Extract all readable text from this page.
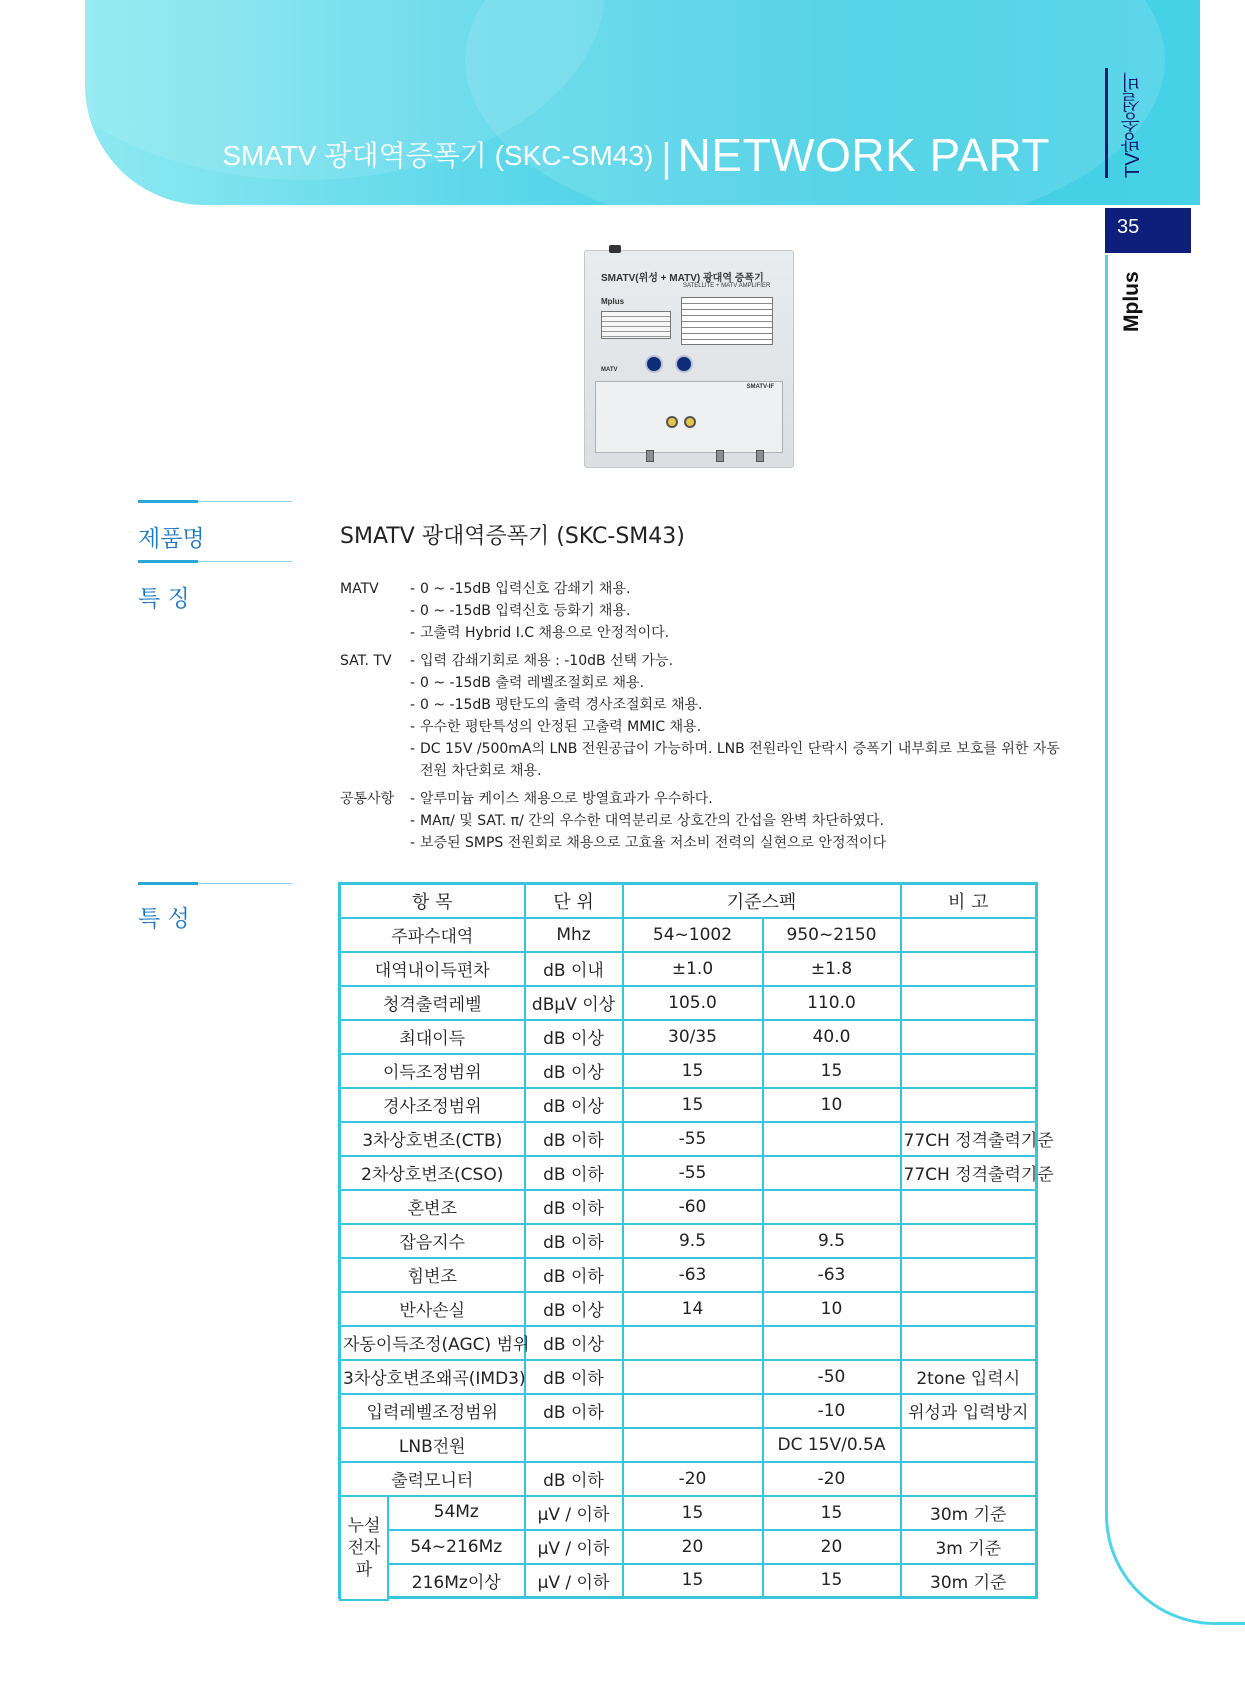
SMATV 광대역증폭기 (SKC-SM43) | NETWORK PART	TV방송설비
35
Mplus
SMATV(위성 + MATV) 광대역 증폭기
SATELLITE + MATV AMPLIFIER
Mplus
MATV
SMATV-IF
제품명	SMATV 광대역증폭기 (SKC-SM43)
특 징	MATV	- 0 ~ -15dB 입력신호 감쇄기 채용.
- 0 ~ -15dB 입력신호 등화기 채용.
- 고출력 Hybrid I.C 채용으로 안정적이다.
SAT. TV	- 입력 감쇄기회로 채용 : -10dB 선택 가능.
- 0 ~ -15dB 출력 레벨조절회로 채용.
- 0 ~ -15dB 평탄도의 출력 경사조절회로 채용.
- 우수한 평탄특성의 안정된 고출력 MMIC 채용.
- DC 15V /500mA의 LNB 전원공급이 가능하며. LNB 전원라인 단락시 증폭기 내부회로 보호를 위한 자동전원 차단회로 채용.
공통사항	- 알루미늄 케이스 채용으로 방열효과가 우수하다.
- MAπ/ 및 SAT. π/ 간의 우수한 대역분리로 상호간의 간섭을 완벽 차단하였다.
- 보증된 SMPS 전원회로 채용으로 고효율 저소비 전력의 실현으로 안정적이다
특 성
항 목	단 위	기준스펙		비 고
주파수대역	Mhz	54~1002	950~2150	
대역내이득편차	dB 이내	±1.0	±1.8	
청격출력레벨	dBμV 이상	105.0	110.0	
최대이득	dB 이상	30/35	40.0	
이득조정범위	dB 이상	15	15	
경사조정범위	dB 이상	15	10	
3차상호변조(CTB)	dB 이하	-55		77CH 정격출력기준
2차상호변조(CSO)	dB 이하	-55		77CH 정격출력기준
혼변조	dB 이하	-60		
잡음지수	dB 이하	9.5	9.5	
힘변조	dB 이하	-63	-63	
반사손실	dB 이상	14	10	
자동이득조정(AGC) 범위	dB 이상			
3차상호변조왜곡(IMD3)	dB 이하		-50	2tone 입력시
입력레벨조정범위	dB 이하		-10	위성과 입력방지
LNB전원			DC 15V/0.5A	
출력모니터	dB 이하	-20	-20	

누설 전자파
54Mz	μV / 이하	15	15	30m 기준
54~216Mz	μV / 이하	20	20	3m 기준
216Mz이상	μV / 이하	15	15	30m 기준
